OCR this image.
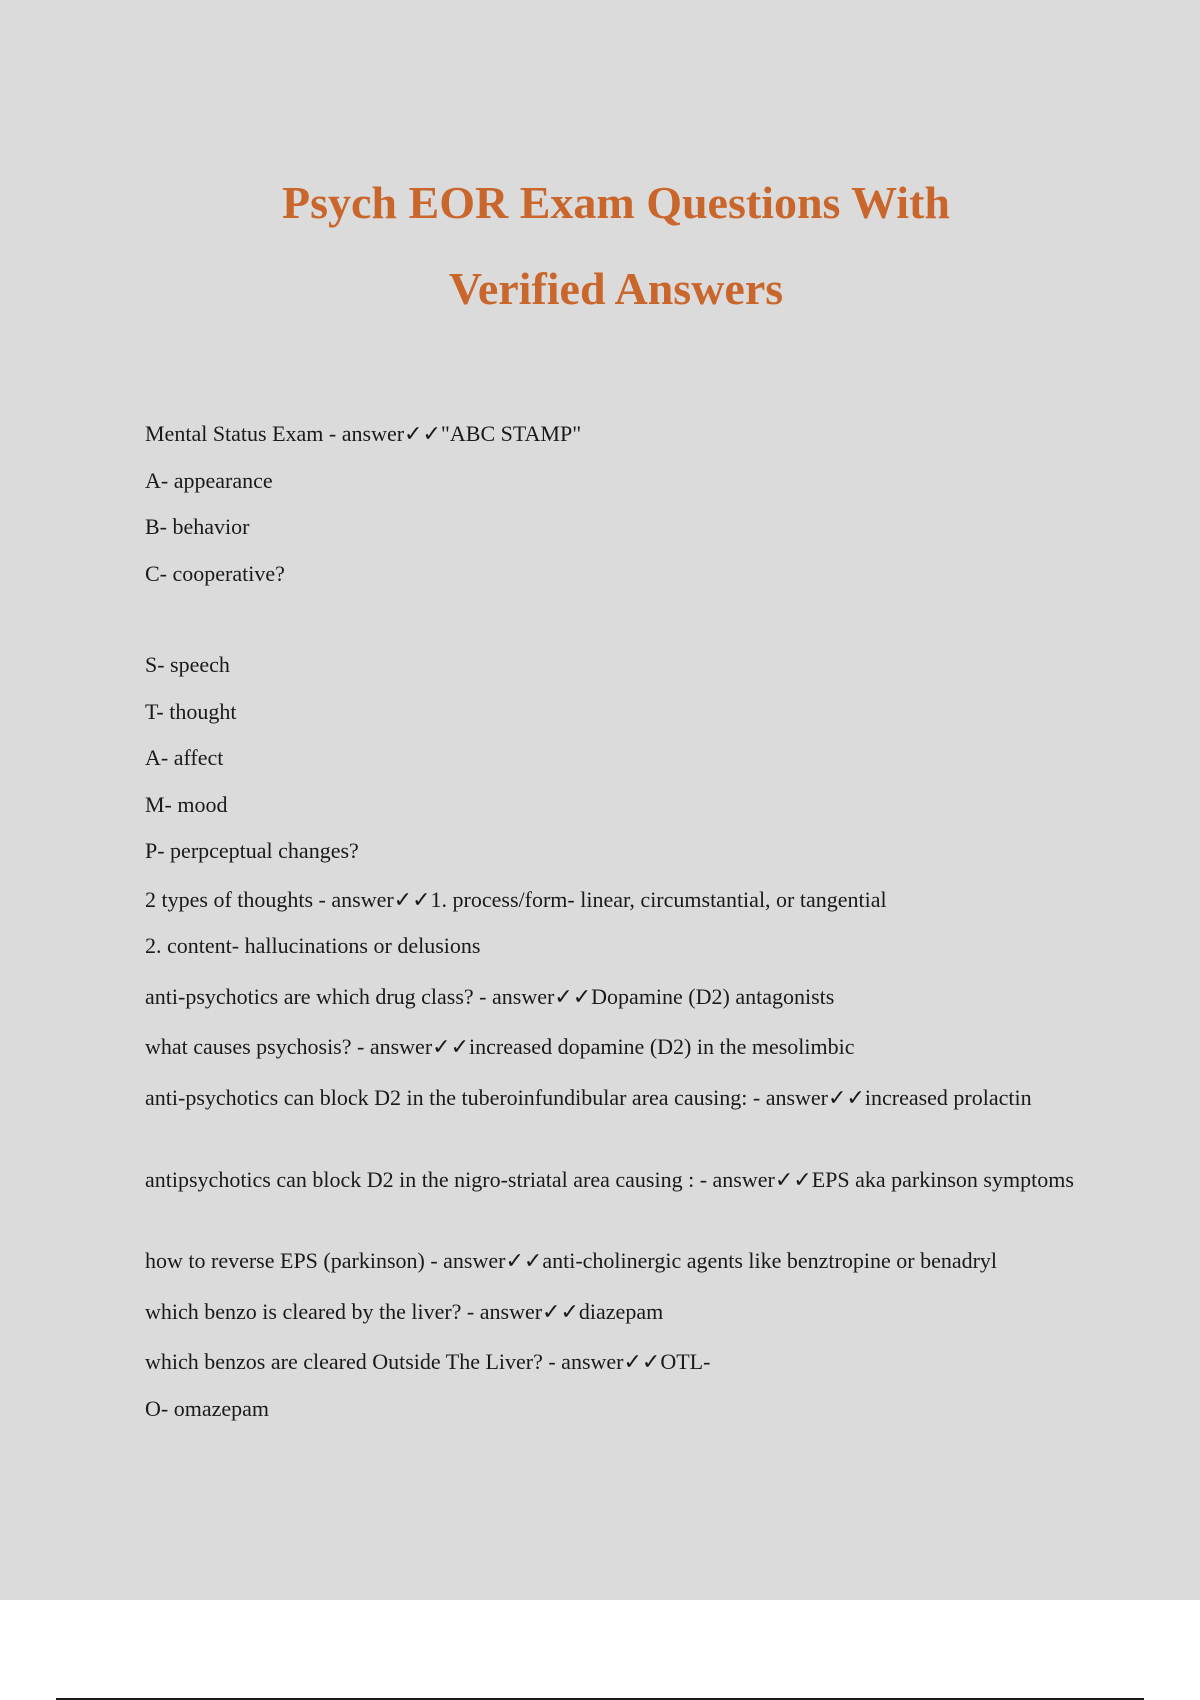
Psych EOR Exam Questions With
Verified Answers

Mental Status Exam - answer✓✓"ABC STAMP"

A- appearance

B- behavior

C- cooperative?

S- speech

T- thought

A- affect

M- mood

P- perpceptual changes?

2 types of thoughts - answer✓✓1. process/form- linear, circumstantial, or tangential

2. content- hallucinations or delusions

anti-psychotics are which drug class? - answer✓✓Dopamine (D2) antagonists

what causes psychosis? - answer✓✓increased dopamine (D2) in the mesolimbic

anti-psychotics can block D2 in the tuberoinfundibular area causing: - answer✓✓increased prolactin

antipsychotics can block D2 in the nigro-striatal area causing : - answer✓✓EPS aka parkinson symptoms

how to reverse EPS (parkinson) - answer✓✓anti-cholinergic agents like benztropine or benadryl

which benzo is cleared by the liver? - answer✓✓diazepam

which benzos are cleared Outside The Liver? - answer✓✓OTL-

O- omazepam
